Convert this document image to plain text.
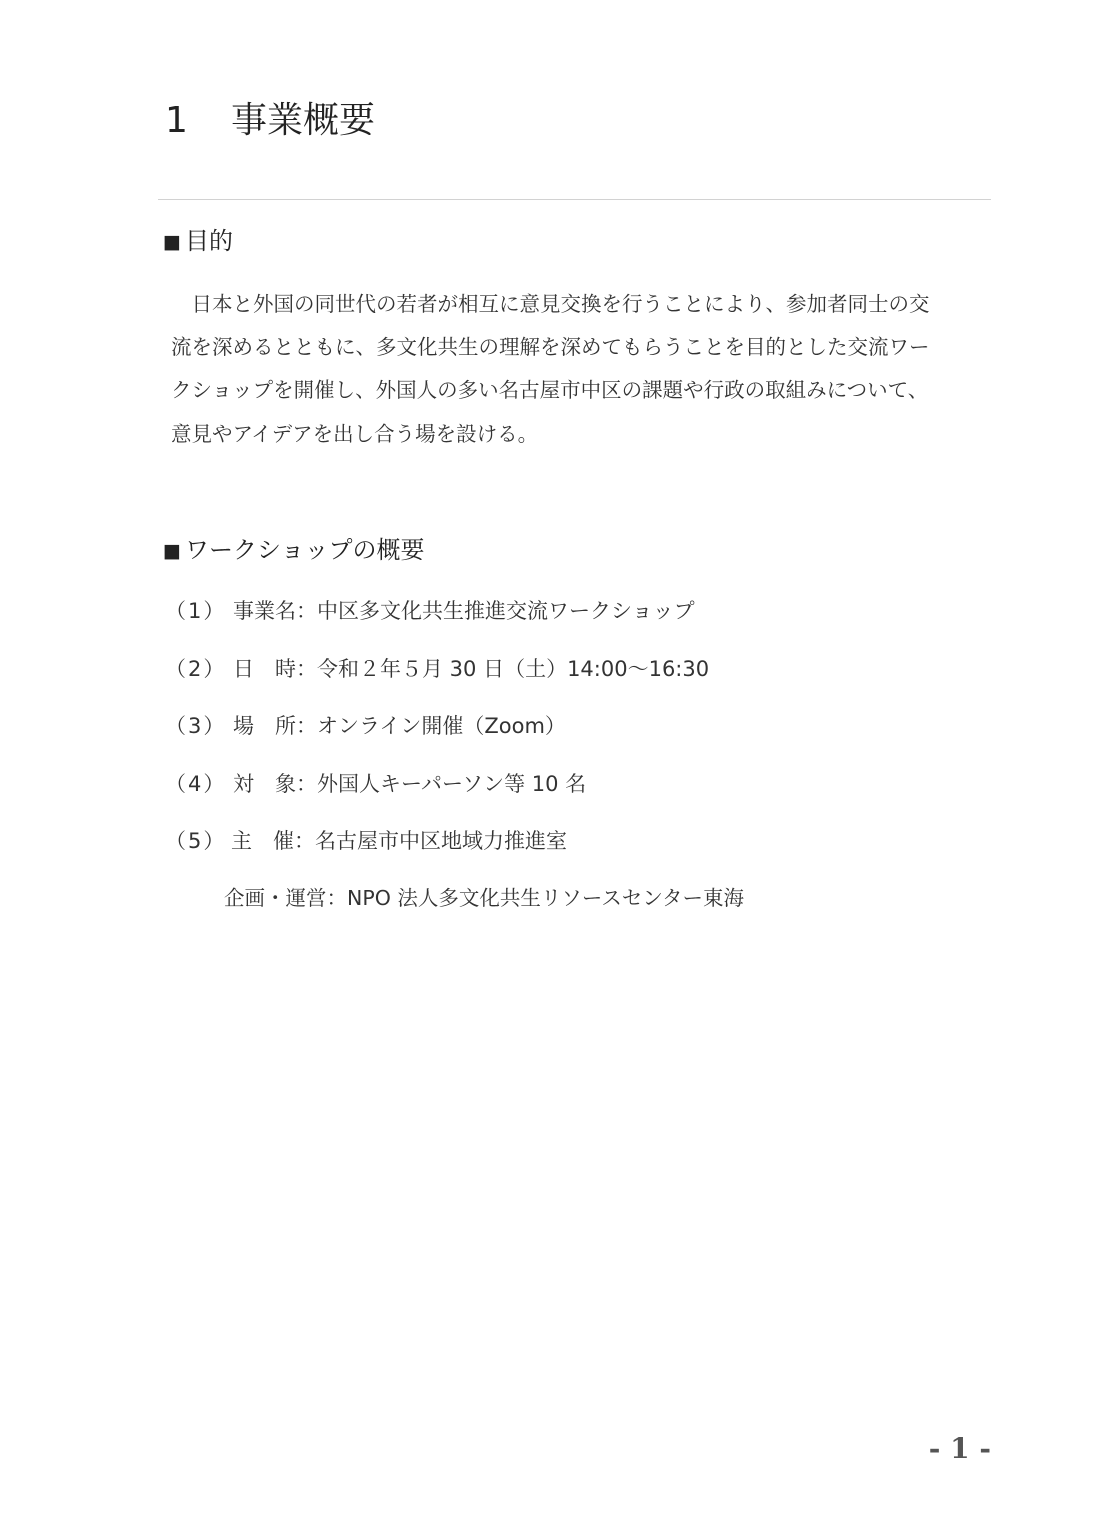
1 事業概要
■ 目的
　日本と外国の同世代の若者が相互に意見交換を行うことにより、参加者同士の交
流を深めるとともに、多文化共生の理解を深めてもらうことを目的とした交流ワー
クショップを開催し、外国人の多い名古屋市中区の課題や行政の取組みについて、
意見やアイデアを出し合う場を設ける。
■ ワークショップの概要
（1） 事業名：中区多文化共生推進交流ワークショップ
（2） 日　時：令和２年５月 30 日（土）14:00～16:30
（3） 場　所：オンライン開催（Zoom）
（4） 対　象：外国人キーパーソン等 10 名
（5） 主　催：名古屋市中区地域力推進室
企画・運営：NPO 法人多文化共生リソースセンター東海
- 1 -
